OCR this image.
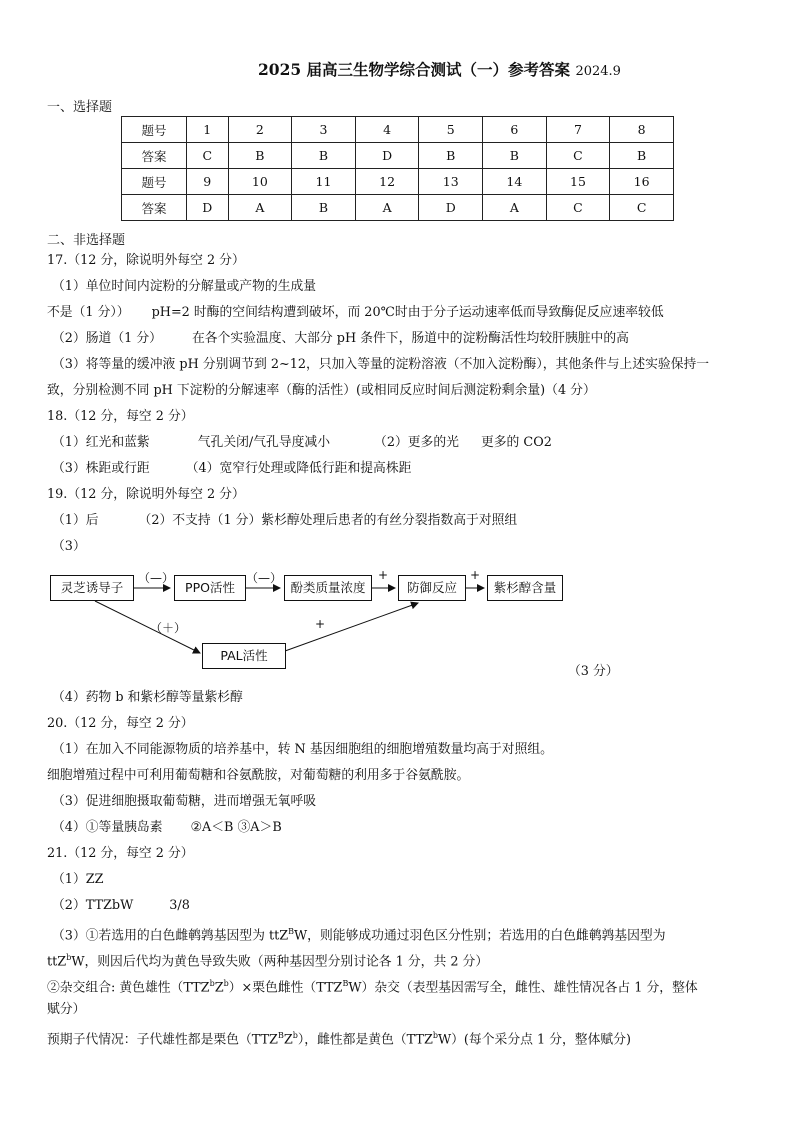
2025 届高三生物学综合测试（一）参考答案 2024.9
一、选择题
题号	1	2	3	4	5	6	7	8
答案	C	B	B	D	B	B	C	B
题号	9	10	11	12	13	14	15	16
答案	D	A	B	A	D	A	C	C
二、非选择题
17.（12 分，除说明外每空 2 分）
（1）单位时间内淀粉的分解量或产物的生成量
不是（1 分）） pH=2 时酶的空间结构遭到破坏，而 20℃时由于分子运动速率低而导致酶促反应速率较低
（2）肠道（1 分） 在各个实验温度、大部分 pH 条件下，肠道中的淀粉酶活性均较肝胰脏中的高
（3）将等量的缓冲液 pH 分别调节到 2~12，只加入等量的淀粉溶液（不加入淀粉酶），其他条件与上述实验保持一
致，分别检测不同 pH 下淀粉的分解速率（酶的活性）(或相同反应时间后测淀粉剩余量)（4 分）
18.（12 分，每空 2 分）
（1）红光和蓝紫	气孔关闭/气孔导度减小	（2）更多的光 更多的 CO2
（3）株距或行距	（4）宽窄行处理或降低行距和提高株距
19.（12 分，除说明外每空 2 分）
（1）后	（2）不支持（1 分）紫杉醇处理后患者的有丝分裂指数高于对照组
（3）
灵芝诱导子	PPO活性	酚类质量浓度	防御反应	紫杉醇含量
PAL活性
（—）	（—）	+	+
（＋）	+
（3 分）
（4）药物 b 和紫杉醇等量紫杉醇
20.（12 分，每空 2 分）
（1）在加入不同能源物质的培养基中，转 N 基因细胞组的细胞增殖数量均高于对照组。
细胞增殖过程中可利用葡萄糖和谷氨酰胺，对葡萄糖的利用多于谷氨酰胺。
（3）促进细胞摄取葡萄糖，进而增强无氧呼吸
（4）①等量胰岛素 ②A＜B ③A＞B
21.（12 分，每空 2 分）
（1）ZZ
（2）TTZbW	3/8
（3）①若选用的白色雌鹌鹑基因型为 ttZ$^B$W，则能够成功通过羽色区分性别；若选用的白色雌鹌鹑基因型为
ttZ$^b$W，则因后代均为黄色导致失败（两种基因型分别讨论各 1 分，共 2 分）
②杂交组合: 黄色雄性$(TTZ^bZ^b)\times$栗色雌性$(TTZ^BW)$杂交（表型基因需写全，雌性、雄性情况各占 1 分，整体
赋分）
预期子代情况：子代雄性都是栗色$(TTZ^BZ^b)$，雌性都是黄色（TTZ$^b$W）(每个采分点 1 分，整体赋分)
